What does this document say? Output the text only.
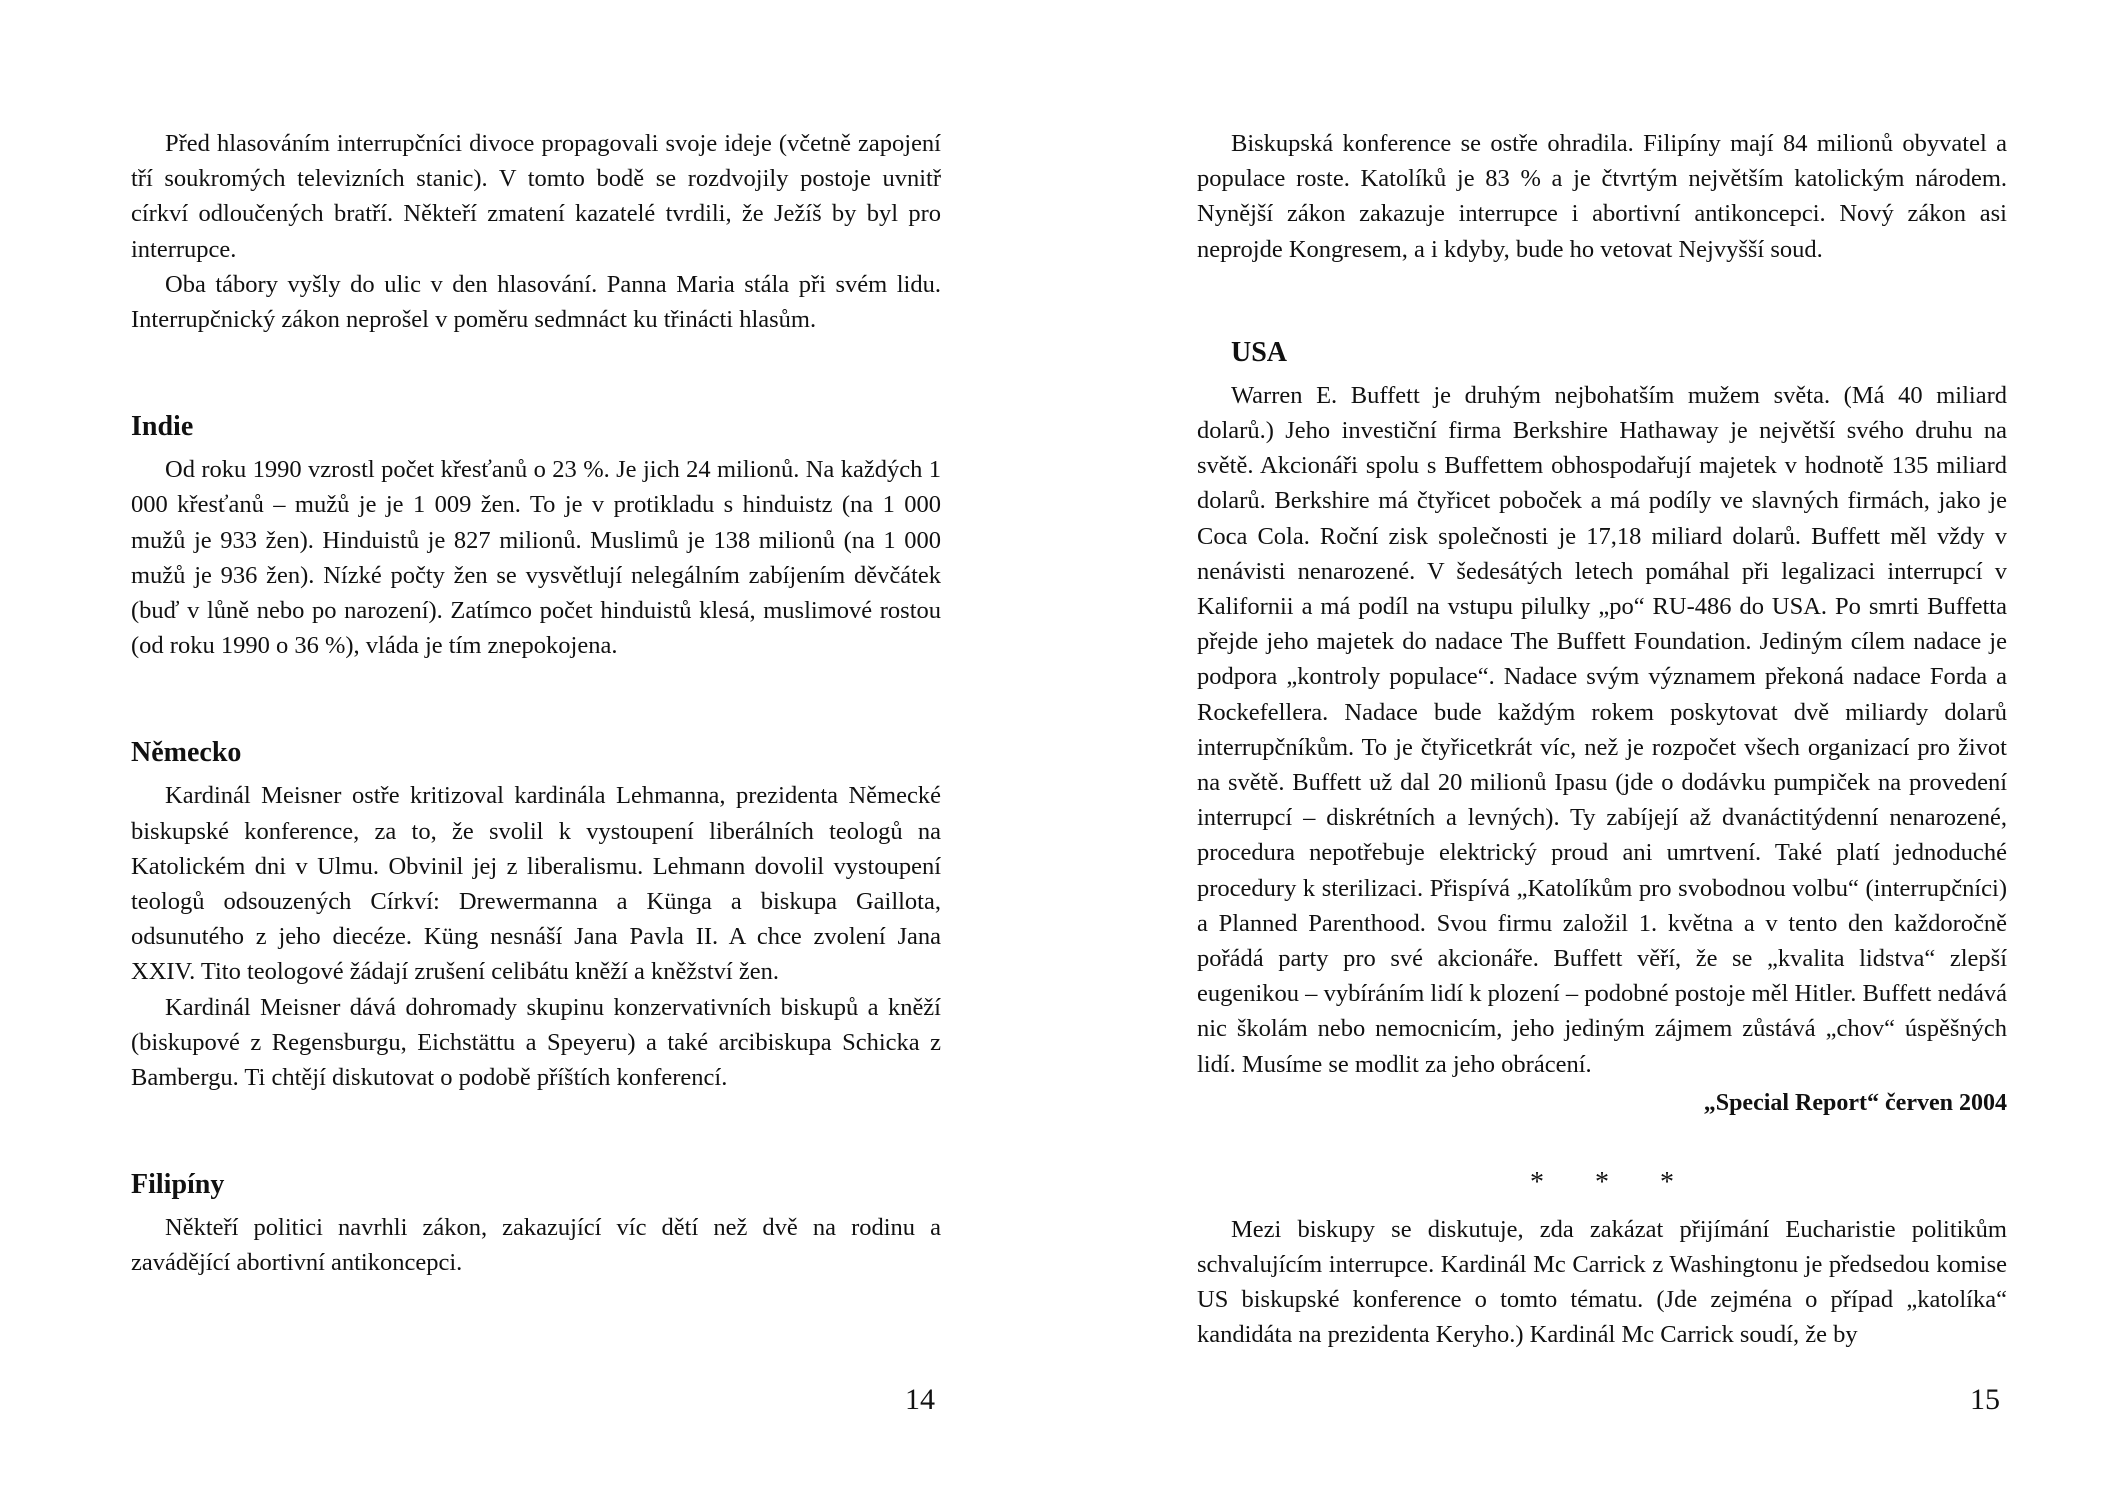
Před hlasováním interrupčníci divoce propagovali svoje ideje (včetně zapojení tří soukromých televizních stanic). V tomto bodě se rozdvojily postoje uvnitř církví odloučených bratří. Někteří zmatení kazatelé tvrdili, že Ježíš by byl pro interrupce.

Oba tábory vyšly do ulic v den hlasování. Panna Maria stála při svém lidu. Interrupčnický zákon neprošel v poměru sedmnáct ku třinácti hlasům.

Indie

Od roku 1990 vzrostl počet křesťanů o 23 %. Je jich 24 milionů. Na každých 1 000 křesťanů – mužů je je 1 009 žen. To je v protikladu s hinduistz (na 1 000 mužů je 933 žen). Hinduistů je 827 milionů. Muslimů je 138 milionů (na 1 000 mužů je 936 žen). Nízké počty žen se vysvětlují nelegálním zabíjením děvčátek (buď v lůně nebo po narození). Zatímco počet hinduistů klesá, muslimové rostou (od roku 1990 o 36 %), vláda je tím znepokojena.

Německo

Kardinál Meisner ostře kritizoval kardinála Lehmanna, prezidenta Německé biskupské konference, za to, že svolil k vystoupení liberálních teologů na Katolickém dni v Ulmu. Obvinil jej z liberalismu. Lehmann dovolil vystoupení teologů odsouzených Církví: Drewermanna a Künga a biskupa Gaillota, odsunutého z jeho diecéze. Küng nesnáší Jana Pavla II. A chce zvolení Jana XXIV. Tito teologové žádají zrušení celibátu kněží a kněžství žen.

Kardinál Meisner dává dohromady skupinu konzervativních biskupů a kněží (biskupové z Regensburgu, Eichstättu a Speyeru) a také arcibiskupa Schicka z Bambergu. Ti chtějí diskutovat o podobě příštích konferencí.

Filipíny

Někteří politici navrhli zákon, zakazující víc dětí než dvě na rodinu a zavádějící abortivní antikoncepci.

14

Biskupská konference se ostře ohradila. Filipíny mají 84 milionů obyvatel a populace roste. Katolíků je 83 % a je čtvrtým největším katolickým národem. Nynější zákon zakazuje interrupce i abortivní antikoncepci. Nový zákon asi neprojde Kongresem, a i kdyby, bude ho vetovat Nejvyšší soud.

USA

Warren E. Buffett je druhým nejbohatším mužem světa. (Má 40 miliard dolarů.) Jeho investiční firma Berkshire Hathaway je největší svého druhu na světě. Akcionáři spolu s Buffettem obhospodařují majetek v hodnotě 135 miliard dolarů. Berkshire má čtyřicet poboček a má podíly ve slavných firmách, jako je Coca Cola. Roční zisk společnosti je 17,18 miliard dolarů. Buffett měl vždy v nenávisti nenarozené. V šedesátých letech pomáhal při legalizaci interrupcí v Kalifornii a má podíl na vstupu pilulky „po“ RU-486 do USA. Po smrti Buffetta přejde jeho majetek do nadace The Buffett Foundation. Jediným cílem nadace je podpora „kontroly populace“. Nadace svým významem překoná nadace Forda a Rockefellera. Nadace bude každým rokem poskytovat dvě miliardy dolarů interrupčníkům. To je čtyřicetkrát víc, než je rozpočet všech organizací pro život na světě. Buffett už dal 20 milionů Ipasu (jde o dodávku pumpiček na provedení interrupcí – diskrétních a levných). Ty zabíjejí až dvanáctitýdenní nenarozené, procedura nepotřebuje elektrický proud ani umrtvení. Také platí jednoduché procedury k sterilizaci. Přispívá „Katolíkům pro svobodnou volbu“ (interrupčníci) a Planned Parenthood. Svou firmu založil 1. května a v tento den každoročně pořádá party pro své akcionáře. Buffett věří, že se „kvalita lidstva“ zlepší eugenikou – vybíráním lidí k plození – podobné postoje měl Hitler. Buffett nedává nic školám nebo nemocnicím, jeho jediným zájmem zůstává „chov“ úspěšných lidí. Musíme se modlit za jeho obrácení.

„Special Report“ červen 2004
* * *

Mezi biskupy se diskutuje, zda zakázat přijímání Eucharistie politikům schvalujícím interrupce. Kardinál Mc Carrick z Washingtonu je předsedou komise US biskupské konference o tomto tématu. (Jde zejména o případ „katolíka“ kandidáta na prezidenta Keryho.) Kardinál Mc Carrick soudí, že by

15
